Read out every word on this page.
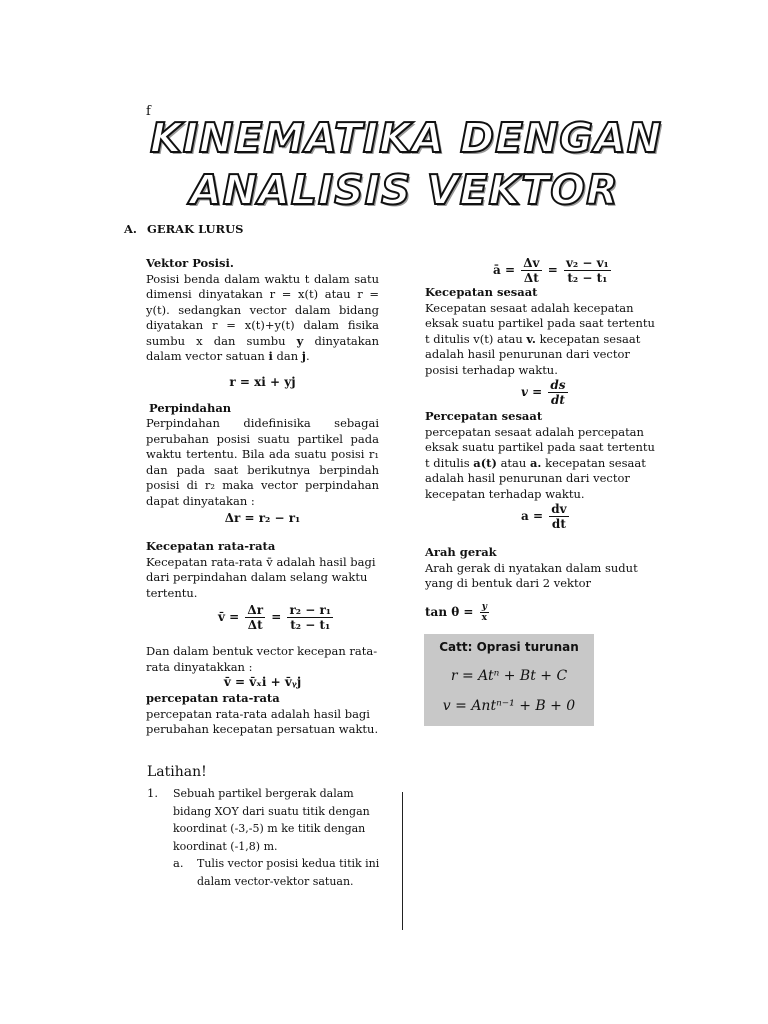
f
KINEMATIKA DENGAN
ANALISIS VEKTOR
A. GERAK LURUS
Vektor Posisi.
Posisi benda dalam waktu t dalam satu dimensi dinyatakan r = x(t) atau r = y(t). sedangkan vector dalam bidang diyatakan r = x(t)+y(t) dalam fisika sumbu x dan sumbu y dinyatakan dalam vector satuan i dan j.
r = xi + yj
Perpindahan
Perpindahan didefinisika sebagai perubahan posisi suatu partikel pada waktu tertentu. Bila ada suatu posisi r₁ dan pada saat berikutnya berpindah posisi di r₂ maka vector perpindahan dapat dinyatakan :
Δr = r₂ − r₁
Kecepatan rata-rata
Kecepatan rata-rata v̄ adalah hasil bagi dari perpindahan dalam selang waktu tertentu.
v̄ = $\frac{\Delta r}{\Delta t} = \frac{\text{r₂ − r₁}}{\text{t₂ − t₁}}$
Dan dalam bentuk vector kecepan rata-rata dinyatakkan :
v̄ = v̄ₓi + v̄ᵧj
percepatan rata-rata
percepatan rata-rata adalah hasil bagi perubahan kecepatan persatuan waktu.
ā = $\frac{\Delta v}{\Delta t} = \frac{\text{v₂ − v₁}}{\text{t₂ − t₁}}$
Kecepatan sesaat
Kecepatan sesaat adalah kecepatan eksak suatu partikel pada saat tertentu t ditulis v(t) atau v. kecepatan sesaat adalah hasil penurunan dari vector posisi terhadap waktu.
$v = \frac{ds}{dt}$
Percepatan sesaat
percepatan sesaat adalah percepatan eksak suatu partikel pada saat tertentu t ditulis a(t) atau a. kecepatan sesaat adalah hasil penurunan dari vector kecepatan terhadap waktu.
$a = \frac{dv}{dt}$
Arah gerak
Arah gerak di nyatakan dalam sudut yang di bentuk dari 2 vektor
$\tan \theta = \frac{y}{x}$
Catt: Oprasi turunan
r = Atⁿ + Bt + C
v = Antⁿ⁻¹ + B + 0
Latihan!
1.	Sebuah partikel bergerak dalam bidang XOY dari suatu titik dengan koordinat (-3,-5) m ke titik dengan koordinat (-1,8) m.
a.	Tulis vector posisi kedua titik ini dalam vector-vektor satuan.
